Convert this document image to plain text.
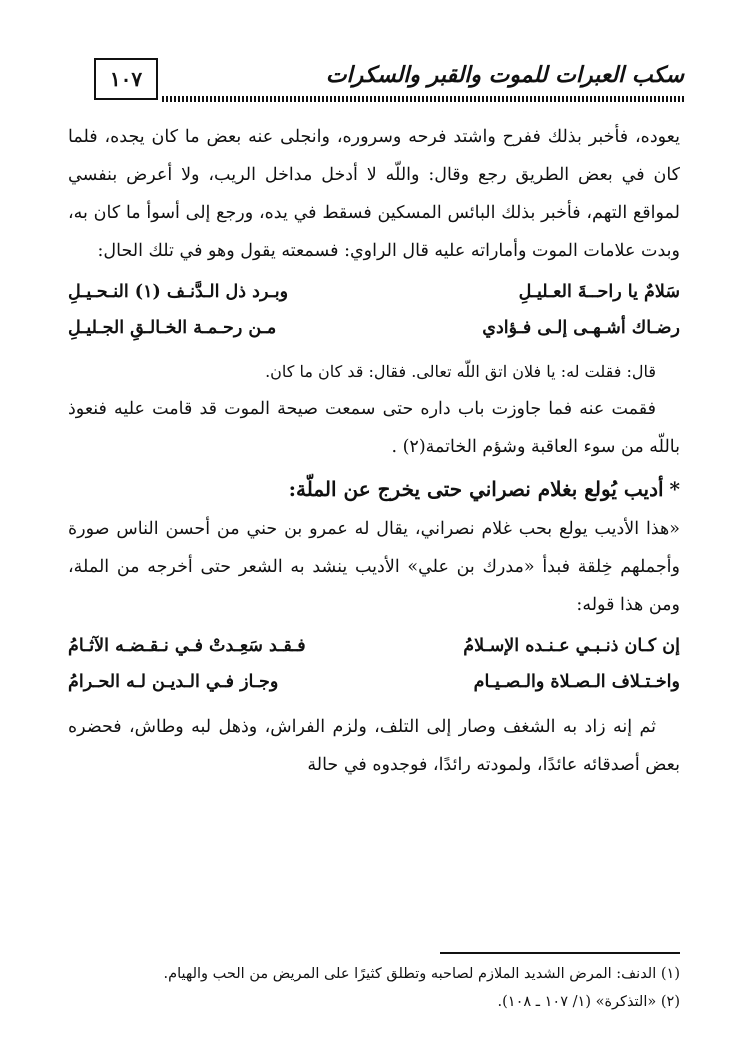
١٠٧	سكب العبرات للموت والقبر والسكرات

يعوده، فأخبر بذلك ففرح واشتد فرحه وسروره، وانجلى عنه بعض ما كان يجده، فلما كان في بعض الطريق رجع وقال: واللّه لا أدخل مداخل الريب، ولا أعرض بنفسي لمواقع التهم، فأخبر بذلك البائس المسكين فسقط في يده، ورجع إلى أسوأ ما كان به، وبدت علامات الموت وأماراته عليه قال الراوي: فسمعته يقول وهو في تلك الحال:

سَلامٌ يا راحــةَ العـليـلِ
وبـرد ذل الـدَّنـف (١) النـحـيـلِ
رضـاك أشـهـى إلـى فـؤادي
مـن رحـمـة الخـالـقِ الجـليـلِ

قال: فقلت له: يا فلان اتق اللّه تعالى. فقال: قد كان ما كان.

فقمت عنه فما جاوزت باب داره حتى سمعت صيحة الموت قد قامت عليه فنعوذ باللّه من سوء العاقبة وشؤم الخاتمة(٢) .

*أديب يُولع بغلام نصراني حتى يخرج عن الملّة:

«هذا الأديب يولع بحب غلام نصراني، يقال له عمرو بن حني من أحسن الناس صورة وأجملهم خِلقة فبدأ «مدرك بن علي» الأديب ينشد به الشعر حتى أخرجه من الملة، ومن هذا قوله:

إن كـان ذنـبـي عـنـده الإسـلامُ
فـقـد سَعِـدتْ فـي نـقـضـه الآثـامُ
واخـتـلاف الـصـلاة والـصـيـام
وجـاز فـي الـديـن لـه الحـرامُ

ثم إنه زاد به الشغف وصار إلى التلف، ولزم الفراش، وذهل لبه وطاش، فحضره بعض أصدقائه عائدًا، ولمودته رائدًا، فوجدوه في حالة

(١) الدنف: المرض الشديد الملازم لصاحبه وتطلق كثيرًا على المريض من الحب والهيام.

(٢) «التذكرة» (١/ ١٠٧ ـ ١٠٨).
